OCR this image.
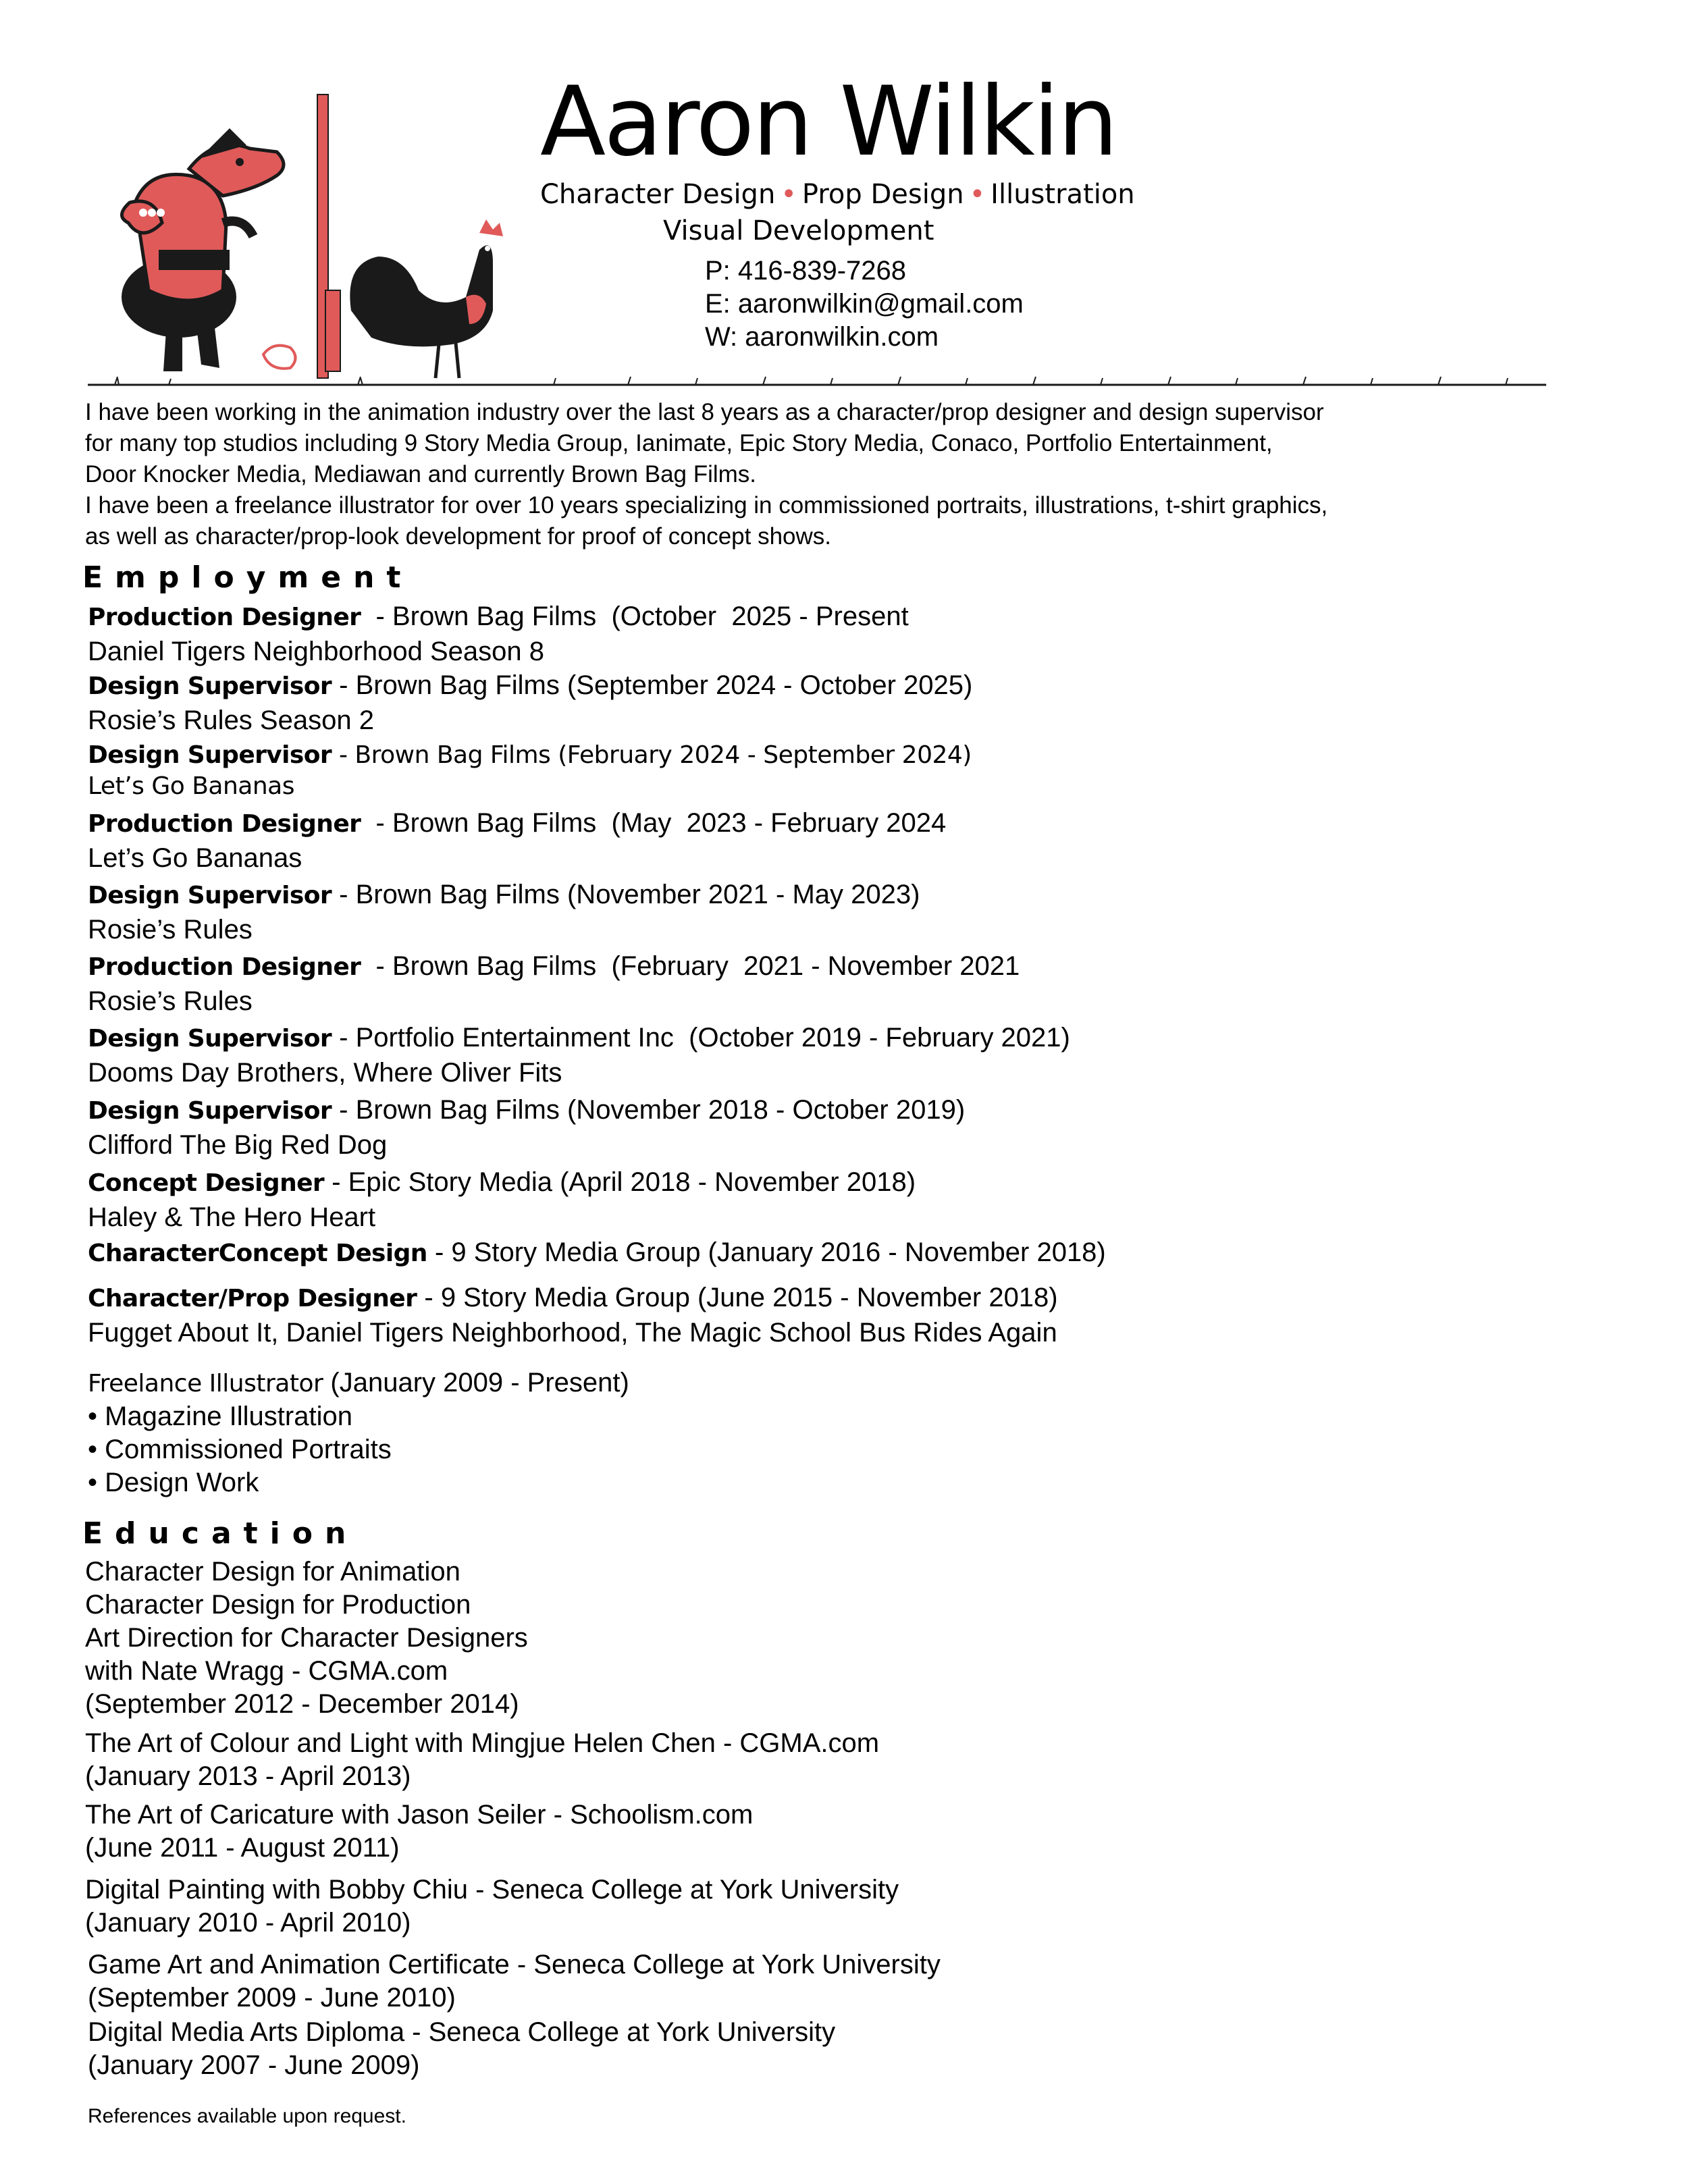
Aaron Wilkin
Character Design • Prop Design • Illustration
Visual Development
P: 416-839-7268
E: aaronwilkin@gmail.com
W: aaronwilkin.com

I have been working in the animation industry over the last 8 years as a character/prop designer and design supervisor

for many top studios including 9 Story Media Group, Ianimate, Epic Story Media, Conaco, Portfolio Entertainment,

Door Knocker Media, Mediawan and currently Brown Bag Films.

I have been a freelance illustrator for over 10 years specializing in commissioned portraits, illustrations, t-shirt graphics,

as well as character/prop-look development for proof of concept shows.

Employment
Production Designer  - Brown Bag Films  (October  2025 - Present
Daniel Tigers Neighborhood Season 8
Design Supervisor - Brown Bag Films (September 2024 - October 2025)
Rosie’s Rules Season 2
Design Supervisor - Brown Bag Films (February 2024 - September 2024)
Let’s Go Bananas
Production Designer  - Brown Bag Films  (May  2023 - February 2024
Let’s Go Bananas
Design Supervisor - Brown Bag Films (November 2021 - May 2023)
Rosie’s Rules
Production Designer  - Brown Bag Films  (February  2021 - November 2021
Rosie’s Rules
Design Supervisor - Portfolio Entertainment Inc  (October 2019 - February 2021)
Dooms Day Brothers, Where Oliver Fits
Design Supervisor - Brown Bag Films (November 2018 - October 2019)
Clifford The Big Red Dog
Concept Designer - Epic Story Media (April 2018 - November 2018)
Haley & The Hero Heart
CharacterConcept Design - 9 Story Media Group (January 2016 - November 2018)
Character/Prop Designer - 9 Story Media Group (June 2015 - November 2018)
Fugget About It, Daniel Tigers Neighborhood, The Magic School Bus Rides Again
Freelance Illustrator (January 2009 - Present)
• Magazine Illustration
• Commissioned Portraits
• Design Work
Education
Character Design for Animation
Character Design for Production
Art Direction for Character Designers
with Nate Wragg - CGMA.com
(September 2012 - December 2014)
The Art of Colour and Light with Mingjue Helen Chen - CGMA.com
(January 2013 - April 2013)
The Art of Caricature with Jason Seiler - Schoolism.com
(June 2011 - August 2011)
Digital Painting with Bobby Chiu - Seneca College at York University
(January 2010 - April 2010)
Game Art and Animation Certificate - Seneca College at York University
(September 2009 - June 2010)
Digital Media Arts Diploma - Seneca College at York University
(January 2007 - June 2009)
References available upon request.
